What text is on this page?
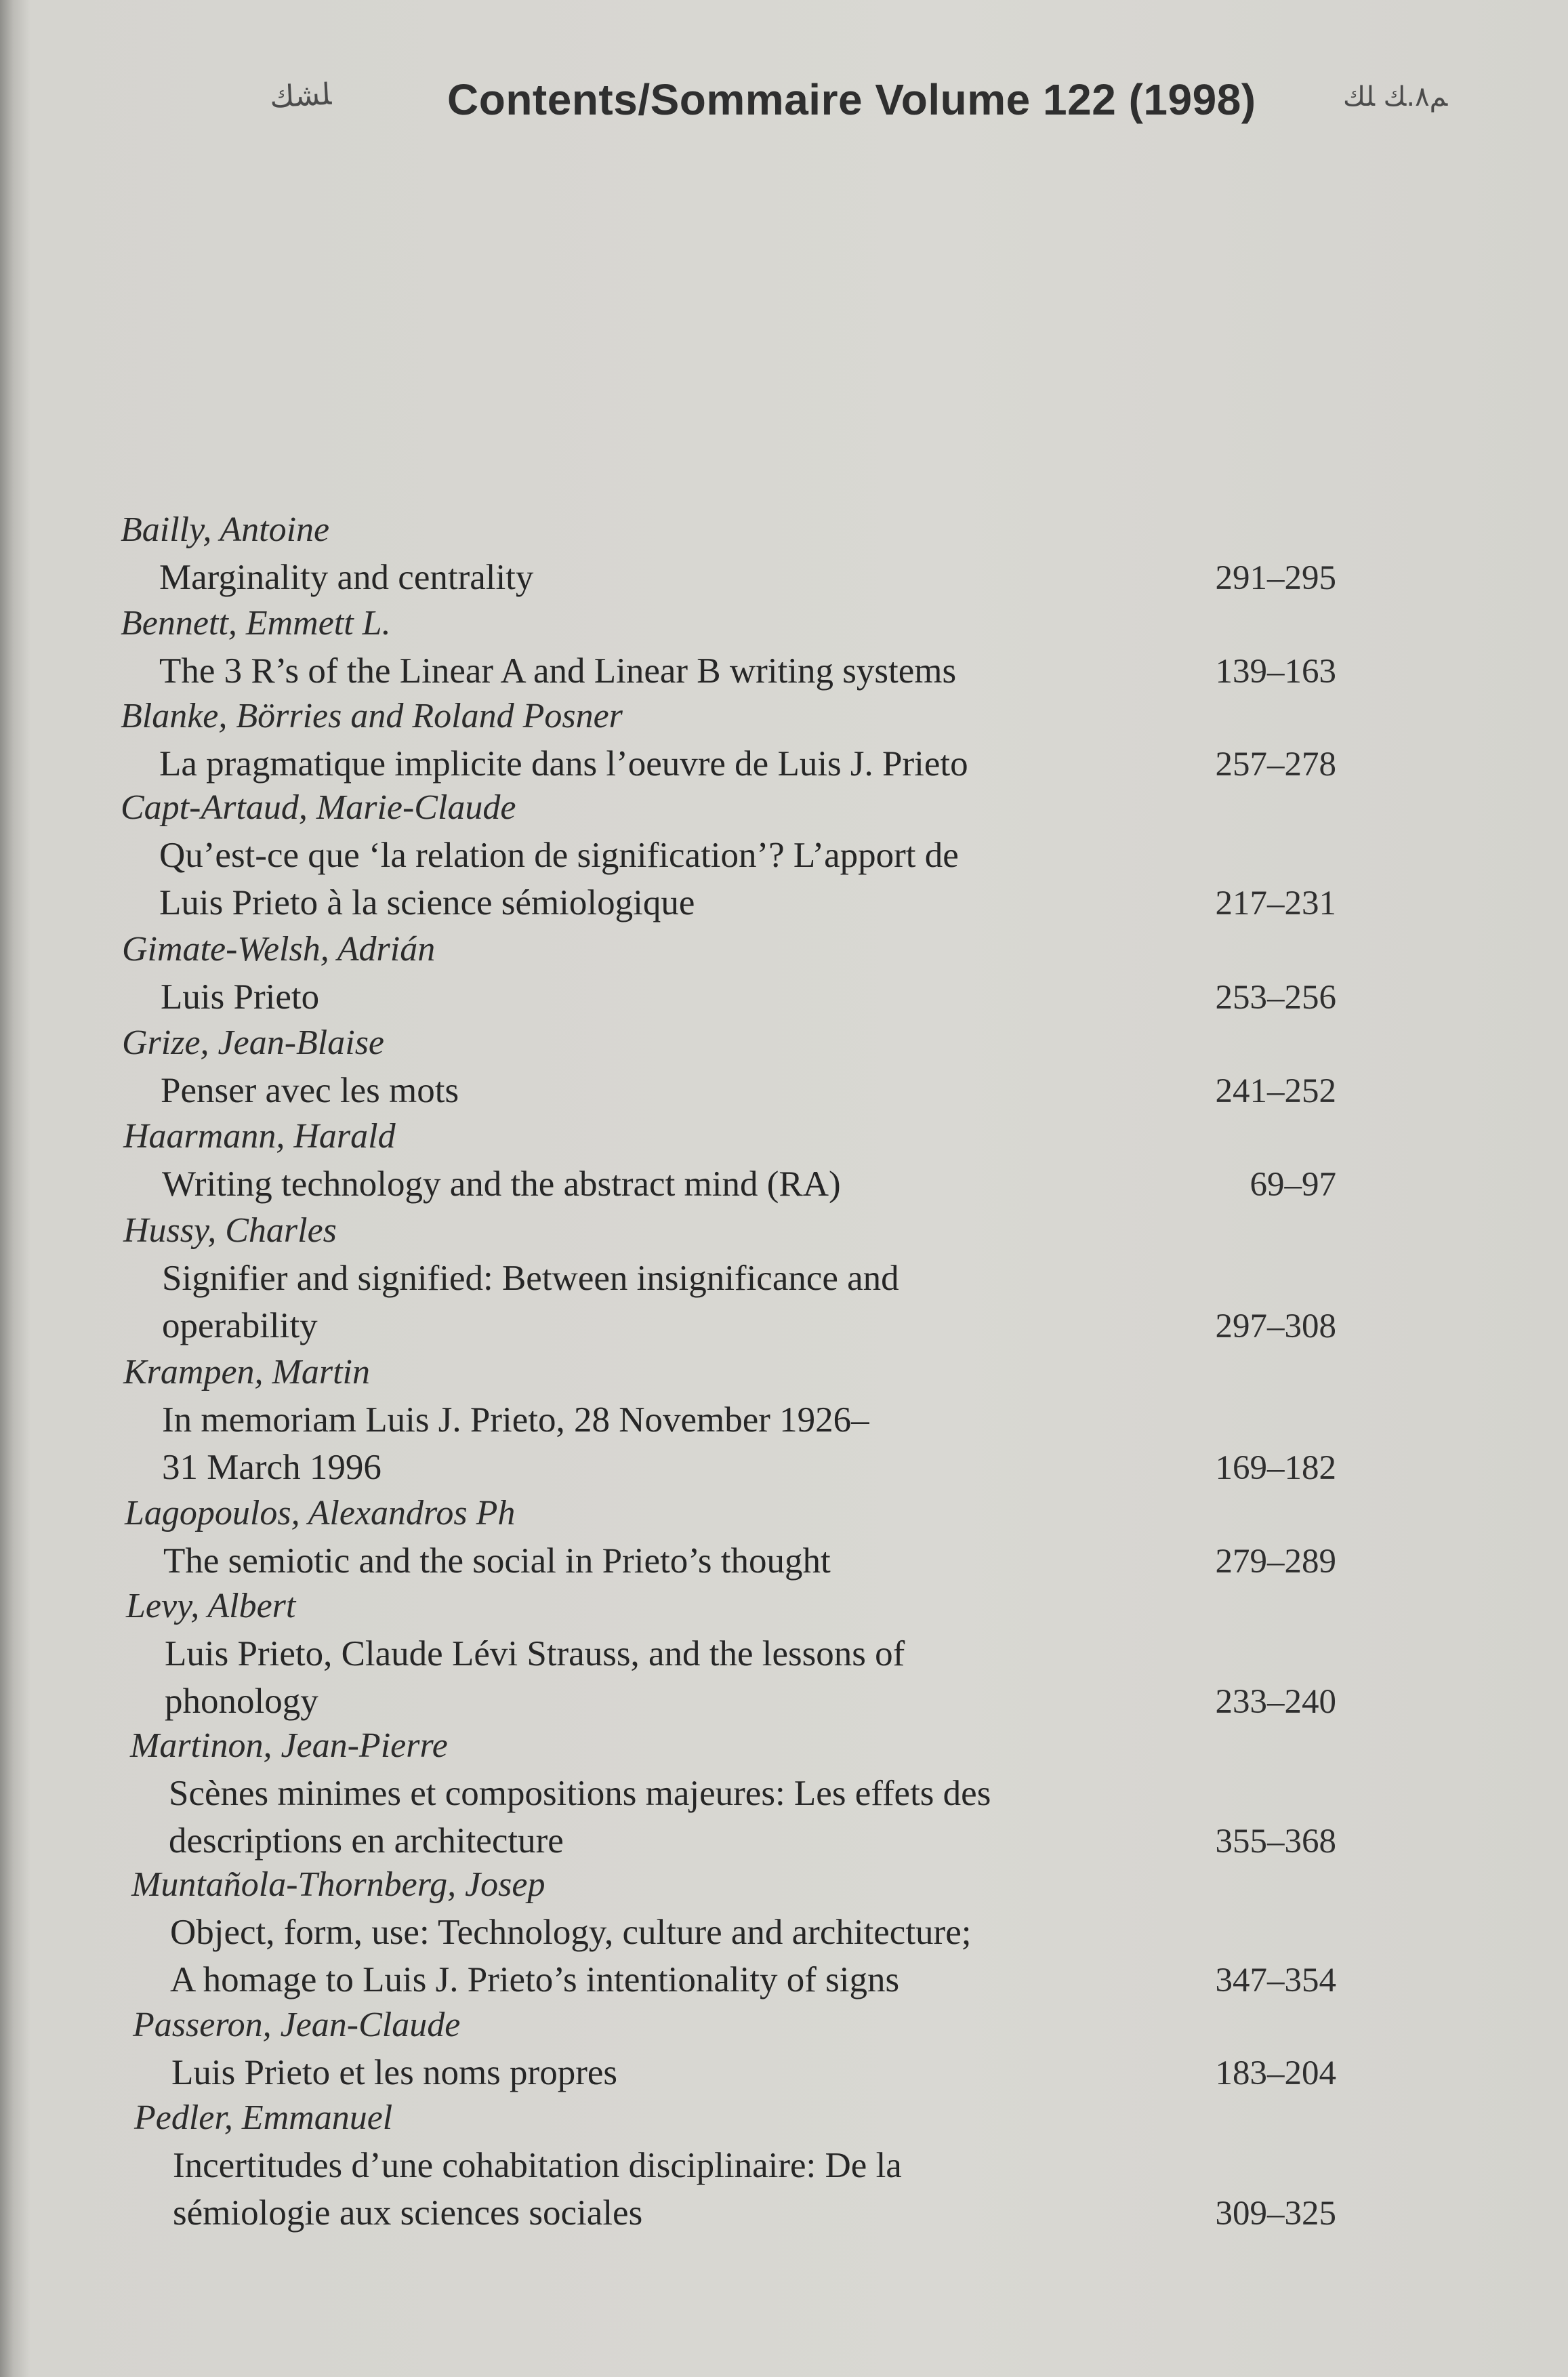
ﻠﺸﻚ	Contents/Sommaire Volume 122 (1998)	ﻢ٨.ﻚ ﻠﻚ
Bailly, Antoine
Marginality and centrality	291–295
Bennett, Emmett L.
The 3 R’s of the Linear A and Linear B writing systems	139–163
Blanke, Börries and Roland Posner
La pragmatique implicite dans l’oeuvre de Luis J. Prieto	257–278
Capt-Artaud, Marie-Claude
Qu’est-ce que ‘la relation de signification’? L’apport de
Luis Prieto à la science sémiologique	217–231
Gimate-Welsh, Adrián
Luis Prieto	253–256
Grize, Jean-Blaise
Penser avec les mots	241–252
Haarmann, Harald
Writing technology and the abstract mind (RA)	69–97
Hussy, Charles
Signifier and signified: Between insignificance and
operability	297–308
Krampen, Martin
In memoriam Luis J. Prieto, 28 November 1926–
31 March 1996	169–182
Lagopoulos, Alexandros Ph
The semiotic and the social in Prieto’s thought	279–289
Levy, Albert
Luis Prieto, Claude Lévi Strauss, and the lessons of
phonology	233–240
Martinon, Jean-Pierre
Scènes minimes et compositions majeures: Les effets des
descriptions en architecture	355–368
Muntañola-Thornberg, Josep
Object, form, use: Technology, culture and architecture;
A homage to Luis J. Prieto’s intentionality of signs	347–354
Passeron, Jean-Claude
Luis Prieto et les noms propres	183–204
Pedler, Emmanuel
Incertitudes d’une cohabitation disciplinaire: De la
sémiologie aux sciences sociales	309–325
